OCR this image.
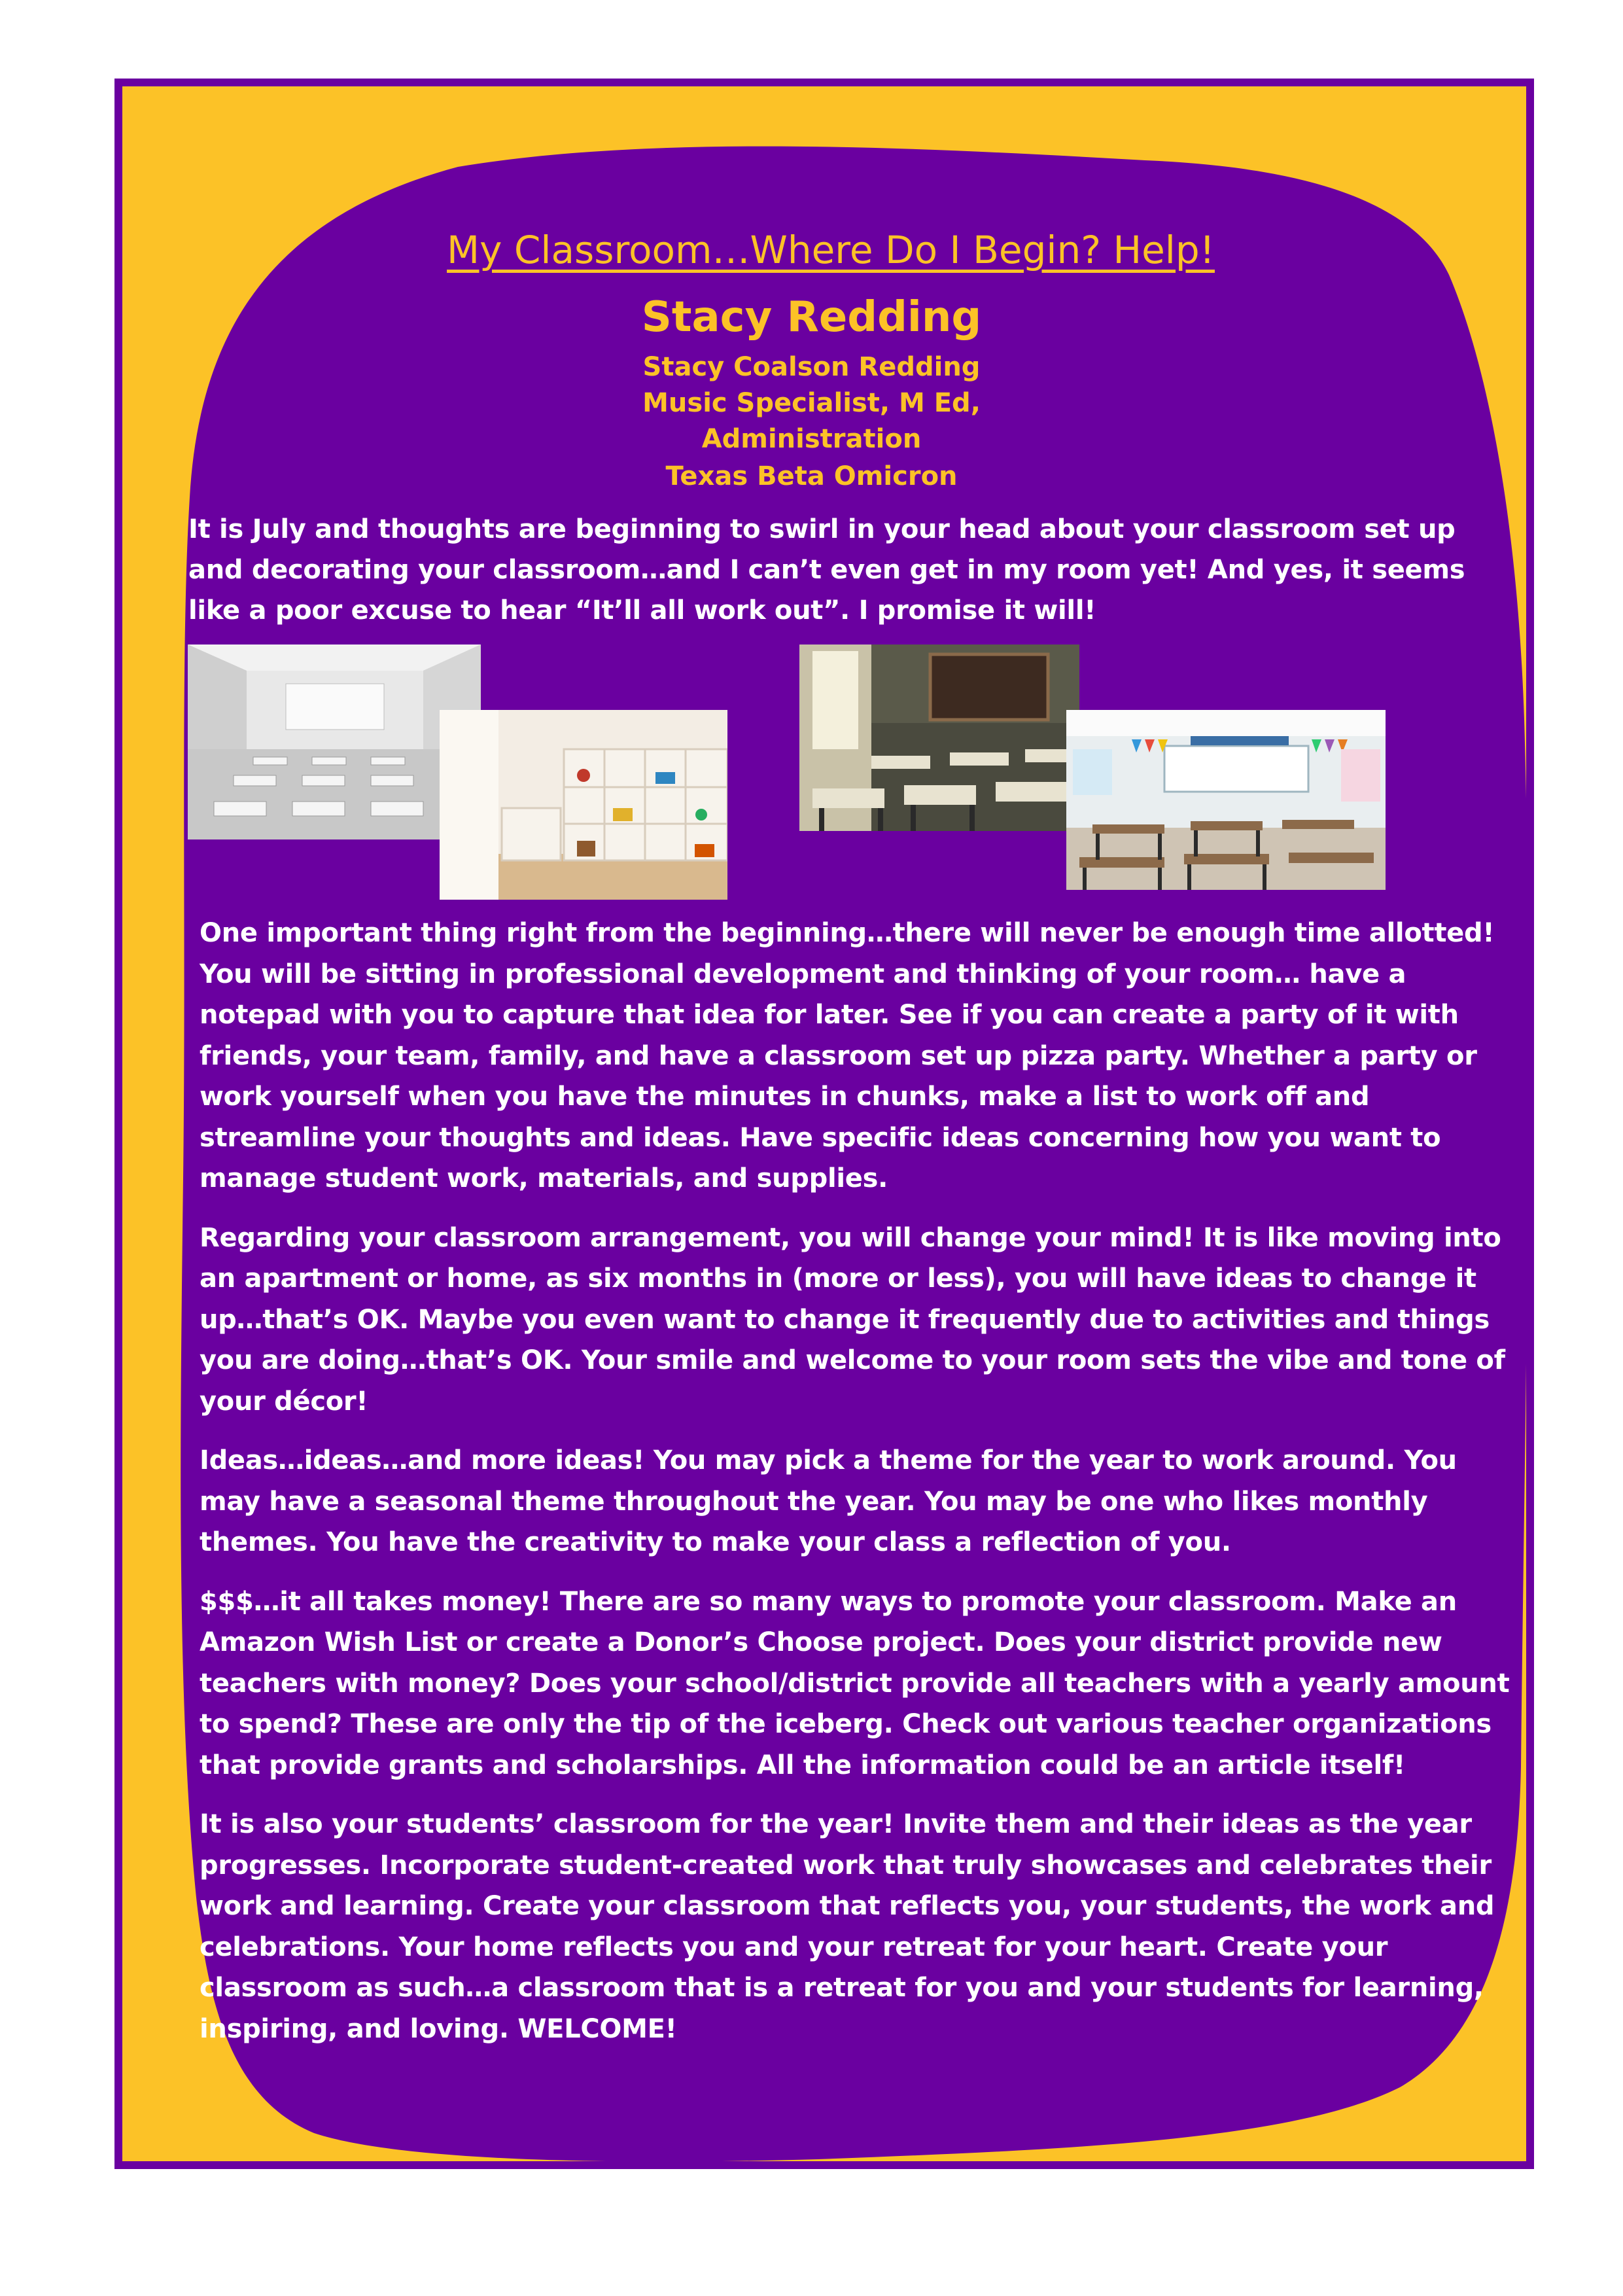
My Classroom…Where Do I Begin? Help!
Stacy Redding
Stacy Coalson Redding
Music Specialist, M Ed,
Administration
Texas Beta Omicron

It is July and thoughts are beginning to swirl in your head about your classroom set up and decorating your classroom…and I can’t even get in my room yet! And yes, it seems like a poor excuse to hear “It’ll all work out”. I promise it will!

One important thing right from the beginning…there will never be enough time allotted! You will be sitting in professional development and thinking of your room… have a notepad with you to capture that idea for later. See if you can create a party of it with friends, your team, family, and have a classroom set up pizza party. Whether a party or work yourself when you have the minutes in chunks, make a list to work off and streamline your thoughts and ideas. Have specific ideas concerning how you want to manage student work, materials, and supplies.

Regarding your classroom arrangement, you will change your mind! It is like moving into an apartment or home, as six months in (more or less), you will have ideas to change it up…that’s OK. Maybe you even want to change it frequently due to activities and things you are doing…that’s OK. Your smile and welcome to your room sets the vibe and tone of your décor!

Ideas…ideas…and more ideas! You may pick a theme for the year to work around. You may have a seasonal theme throughout the year. You may be one who likes monthly themes. You have the creativity to make your class a reflection of you.

$$$…it all takes money! There are so many ways to promote your classroom. Make an Amazon Wish List or create a Donor’s Choose project. Does your district provide new teachers with money? Does your school/district provide all teachers with a yearly amount to spend? These are only the tip of the iceberg. Check out various teacher organizations that provide grants and scholarships. All the information could be an article itself!

It is also your students’ classroom for the year! Invite them and their ideas as the year progresses. Incorporate student-created work that truly showcases and celebrates their work and learning. Create your classroom that reflects you, your students, the work and celebrations. Your home reflects you and your retreat for your heart. Create your classroom as such…a classroom that is a retreat for you and your students for learning, inspiring, and loving. WELCOME!
